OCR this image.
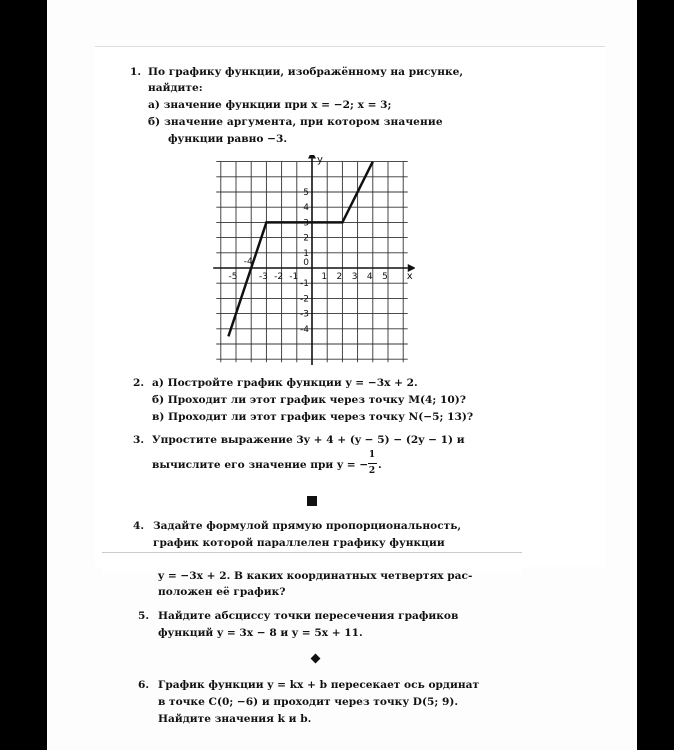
1. По графику функции, изображённому на рисунке,
найдите:
а) значение функции при x = −2; x = 3;
б) значение аргумента, при котором значение
функции равно −3.
-5
-4
-3 -2 -1	1 2 3 4 5
5
4
3
2
1
-1
-2
-3
-4
0
x
y
2. а) Постройте график функции y = −3x + 2.
б) Проходит ли этот график через точку M(4; 10)?
в) Проходит ли этот график через точку N(−5; 13)?
3. Упростите выражение 3y + 4 + (y − 5) − (2y − 1) и
вычислите его значение при y = −
1
2 .
4. Задайте формулой прямую пропорциональность,
график которой параллелен графику функции
y = −3x + 2. В каких координатных четвертях рас-
положен её график?
5. Найдите абсциссу точки пересечения графиков
функций y = 3x − 8 и y = 5x + 11.
6. График функции y = kx + b пересекает ось ординат
в точке C(0; −6) и проходит через точку D(5; 9).
Найдите значения k и b.
